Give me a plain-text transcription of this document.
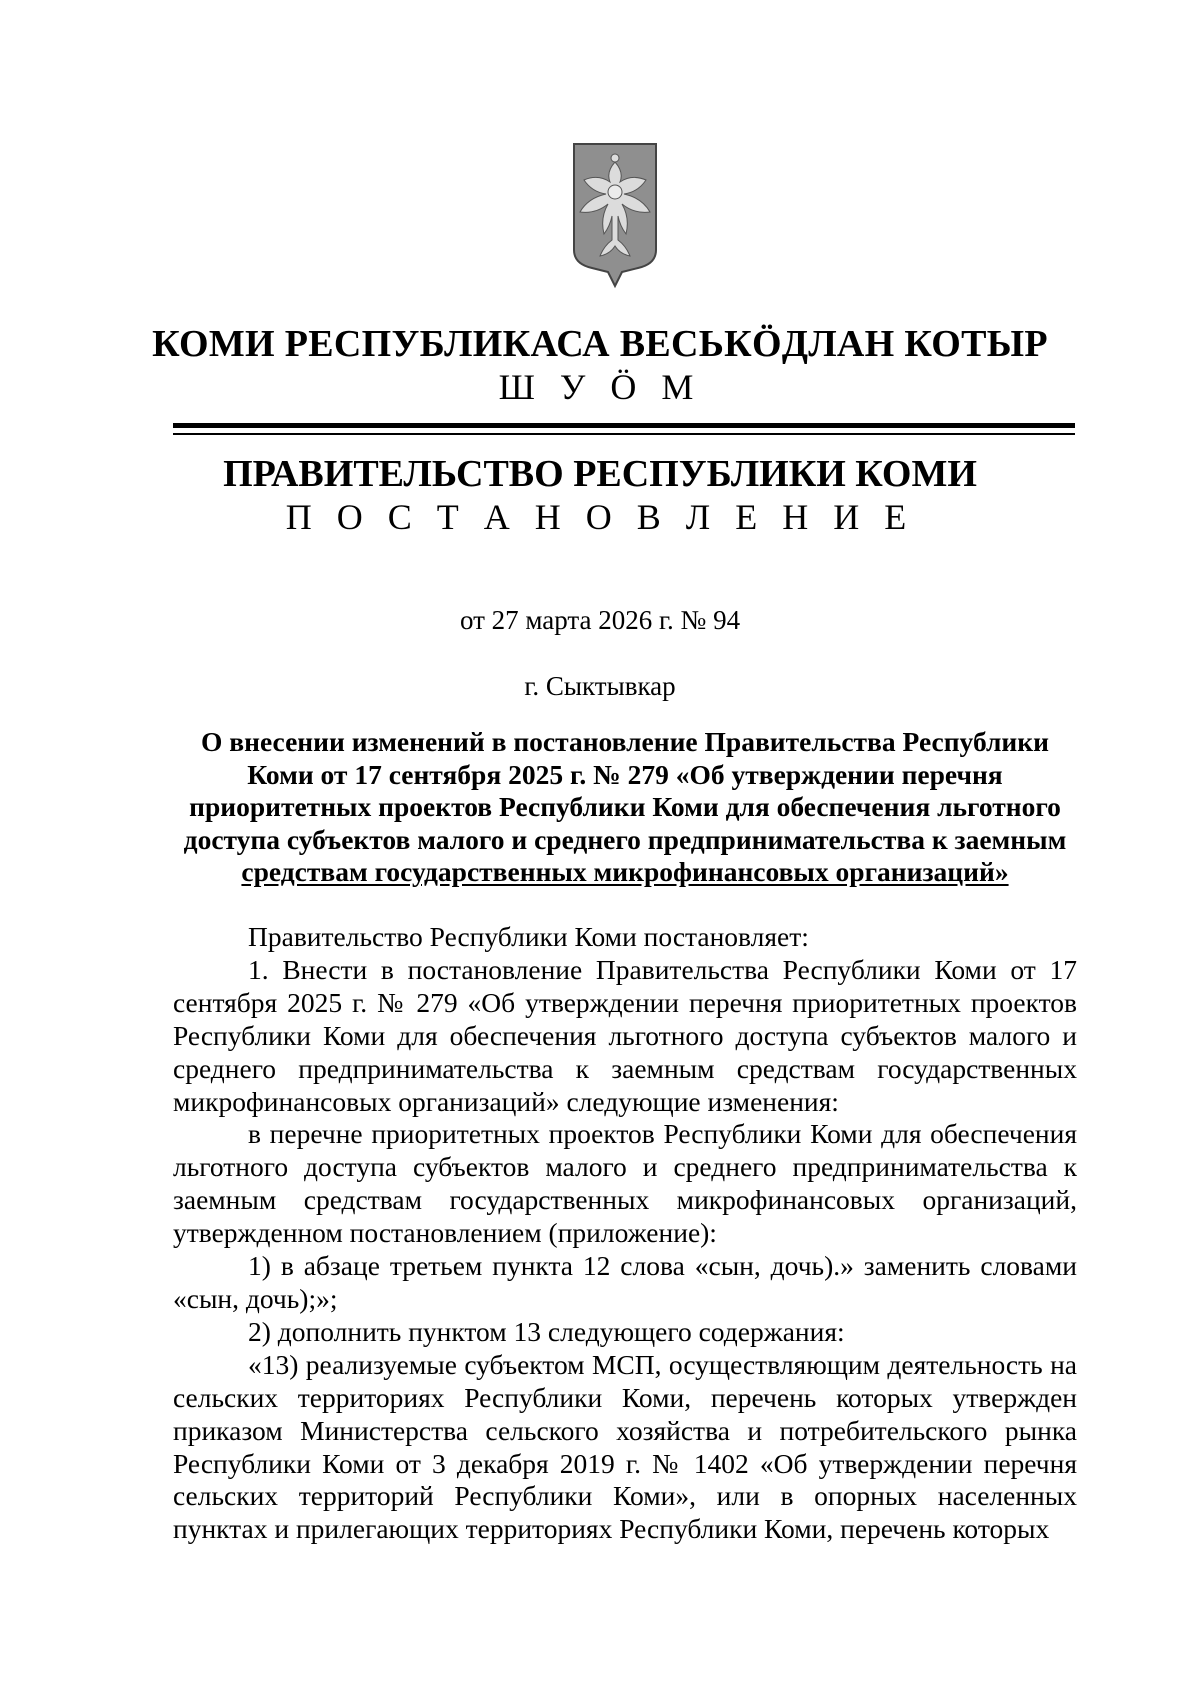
КОМИ РЕСПУБЛИКАСА ВЕСЬКӦДЛАН КОТЫР
Ш У Ӧ М
ПРАВИТЕЛЬСТВО РЕСПУБЛИКИ КОМИ
П О С Т А Н О В Л Е Н И Е
от 27 марта 2026 г. № 94
г. Сыктывкар
О внесении изменений в постановление Правительства Республики
Коми от 17 сентября 2025 г. № 279 «Об утверждении перечня
приоритетных проектов Республики Коми для обеспечения льготного
доступа субъектов малого и среднего предпринимательства к заемным
средствам государственных микрофинансовых организаций»

Правительство Республики Коми постановляет:

1. Внести в постановление Правительства Республики Коми от 17 сентября 2025 г. № 279 «Об утверждении перечня приоритетных проектов Республики Коми для обеспечения льготного доступа субъектов малого и среднего предпринимательства к заемным средствам государственных микрофинансовых организаций» следующие изменения:

в перечне приоритетных проектов Республики Коми для обеспечения льготного доступа субъектов малого и среднего предпринимательства к заемным средствам государственных микрофинансовых организаций, утвержденном постановлением (приложение):

1) в абзаце третьем пункта 12 слова «сын, дочь).» заменить словами «сын, дочь);»;

2) дополнить пунктом 13 следующего содержания:

«13) реализуемые субъектом МСП, осуществляющим деятельность на сельских территориях Республики Коми, перечень которых утвержден приказом Министерства сельского хозяйства и потребительского рынка Республики Коми от 3 декабря 2019 г. № 1402 «Об утверждении перечня сельских территорий Республики Коми», или в опорных населенных пунктах и прилегающих территориях Республики Коми, перечень которых
